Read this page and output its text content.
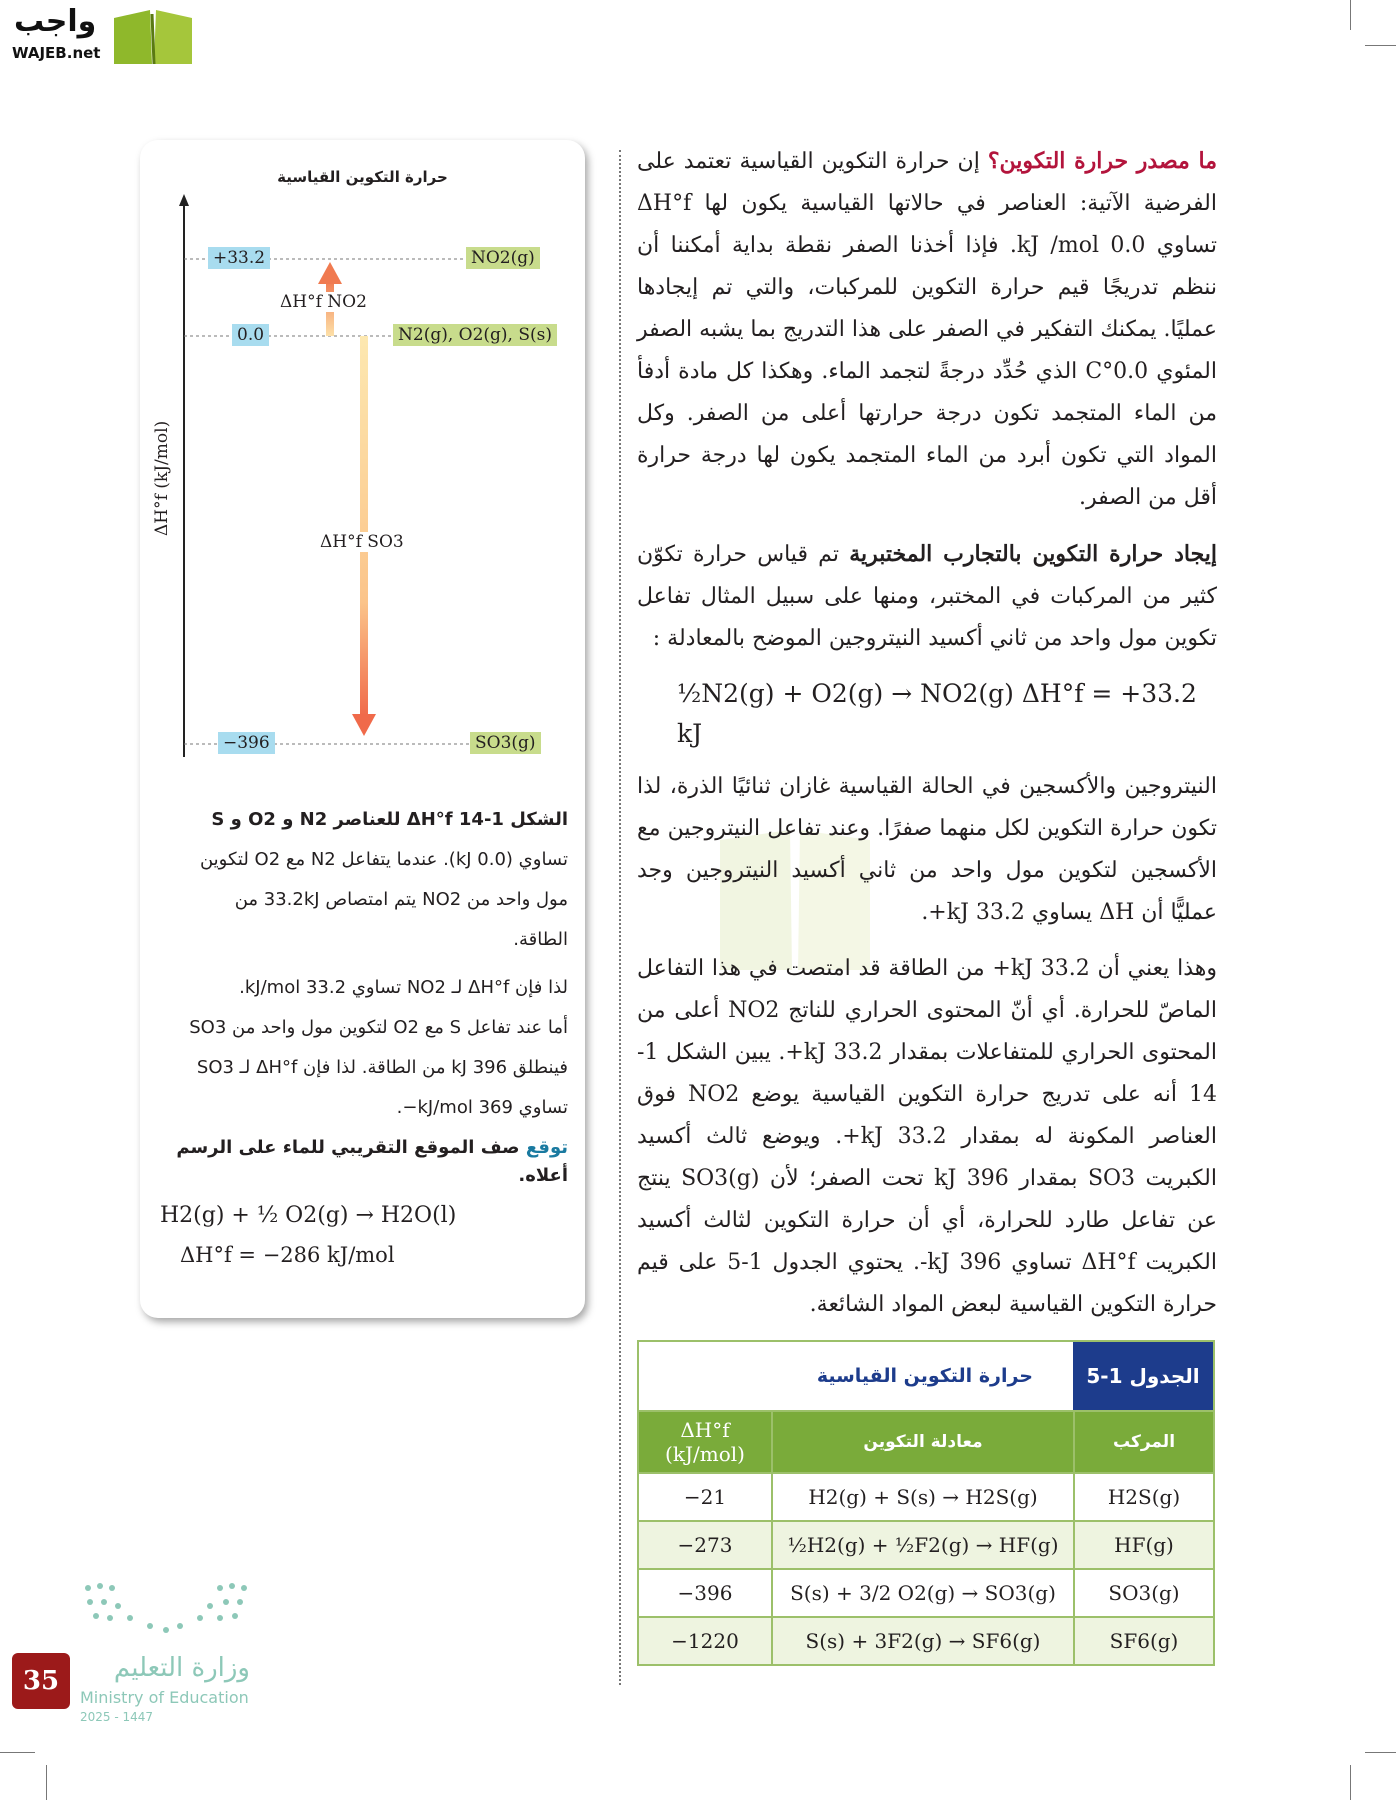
واجب
WAJEB.net
حرارة التكوين القياسية
ΔH°f (kJ/mol)
+33.2	NO2(g)
0.0	N2(g), O2(g), S(s)
−396	SO3(g)
ΔH°f NO2
ΔH°f SO3
الشكل 1-14 ΔH°f للعناصر N2 و O2 و S
تساوي (0.0 kJ). عندما يتفاعل N2 مع O2 لتكوين
مول واحد من NO2 يتم امتصاص 33.2kJ من
الطاقة.
لذا فإن ΔH°f لـ NO2 تساوي 33.2 kJ/mol.
أما عند تفاعل S مع O2 لتكوين مول واحد من SO3
فينطلق 396 kJ من الطاقة. لذا فإن ΔH°f لـ SO3
تساوي 369 kJ/mol−.
توقع صف الموقع التقريبي للماء على الرسم أعلاه.
H2(g) + ½ O2(g) → H2O(l)
ΔH°f = −286 kJ/mol
ما مصدر حرارة التكوين؟ إن حرارة التكوين القياسية تعتمد على الفرضية الآتية: العناصر في حالاتها القياسية يكون لها ΔH°f تساوي 0.0 kJ /mol. فإذا أخذنا الصفر نقطة بداية أمكننا أن ننظم تدريجًا قيم حرارة التكوين للمركبات، والتي تم إيجادها عمليًا. يمكنك التفكير في الصفر على هذا التدريج بما يشبه الصفر المئوي 0.0°C الذي حُدِّد درجةً لتجمد الماء. وهكذا كل مادة أدفأ من الماء المتجمد تكون درجة حرارتها أعلى من الصفر. وكل المواد التي تكون أبرد من الماء المتجمد يكون لها درجة حرارة أقل من الصفر.
إيجاد حرارة التكوين بالتجارب المختبرية تم قياس حرارة تكوّن كثير من المركبات في المختبر، ومنها على سبيل المثال تفاعل تكوين مول واحد من ثاني أكسيد النيتروجين الموضح بالمعادلة :
½N2(g) + O2(g) → NO2(g) ΔH°f = +33.2 kJ
النيتروجين والأكسجين في الحالة القياسية غازان ثنائيًا الذرة، لذا تكون حرارة التكوين لكل منهما صفرًا. وعند تفاعل النيتروجين مع الأكسجين لتكوين مول واحد من ثاني أكسيد النيتروجين وجد عمليًّا أن ΔH يساوي 33.2 kJ+.
وهذا يعني أن 33.2 kJ+ من الطاقة قد امتصت في هذا التفاعل الماصّ للحرارة. أي أنّ المحتوى الحراري للناتج NO2 أعلى من المحتوى الحراري للمتفاعلات بمقدار 33.2 kJ+. يبين الشكل 1-14 أنه على تدريج حرارة التكوين القياسية يوضع NO2 فوق العناصر المكونة له بمقدار 33.2 kJ+. ويوضع ثالث أكسيد الكبريت SO3 بمقدار 396 kJ تحت الصفر؛ لأن SO3(g) ينتج عن تفاعل طارد للحرارة، أي أن حرارة التكوين لثالث أكسيد الكبريت ΔH°f تساوي 396 kJ-. يحتوي الجدول 1-5 على قيم حرارة التكوين القياسية لبعض المواد الشائعة.
الجدول 1-5
حرارة التكوين القياسية
المركب	معادلة التكوين	ΔH°f (kJ/mol)
H2S(g)	H2(g) + S(s) → H2S(g)	−21
HF(g)	½H2(g) + ½F2(g) → HF(g)	−273
SO3(g)	S(s) + 3/2 O2(g) → SO3(g)	−396
SF6(g)	S(s) + 3F2(g) → SF6(g)	−1220
وزارة التعليم
Ministry of Education
2025 - 1447
35
